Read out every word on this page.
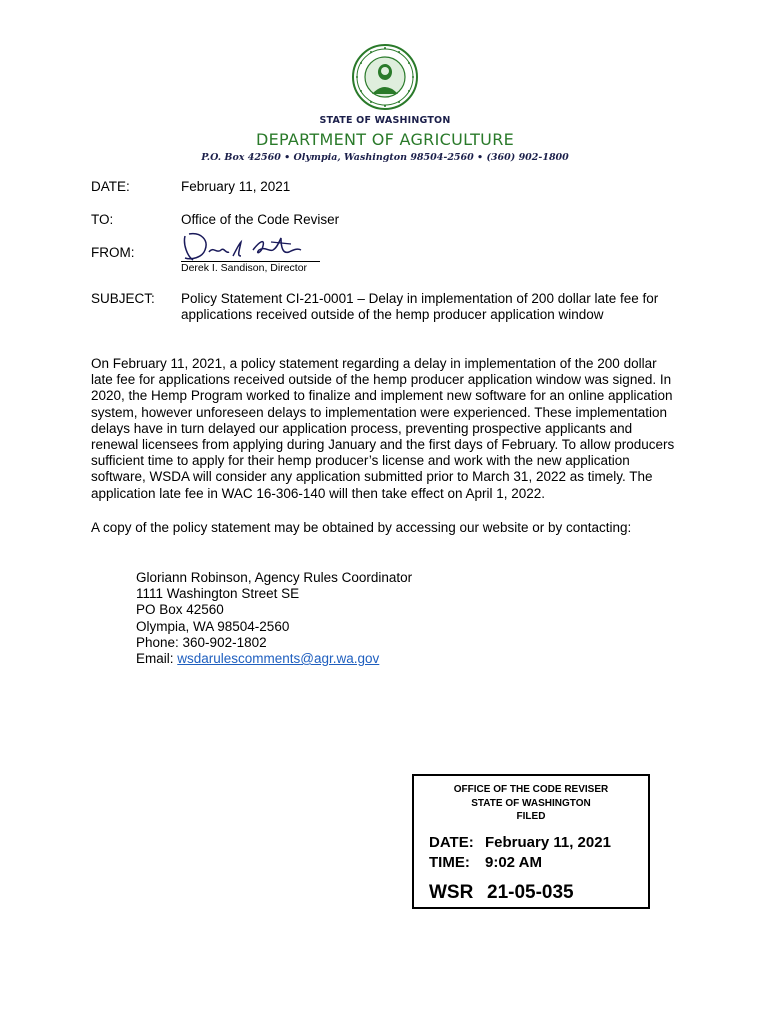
STATE OF WASHINGTON
DEPARTMENT OF AGRICULTURE
P.O. Box 42560 • Olympia, Washington 98504-2560 • (360) 902-1800
DATE:	February 11, 2021
TO:	Office of the Code Reviser
FROM:
Derek I. Sandison, Director
SUBJECT: Policy Statement CI-21-0001 – Delay in implementation of 200 dollar late fee for applications received outside of the hemp producer application window

On February 11, 2021, a policy statement regarding a delay in implementation of the 200 dollar late fee for applications received outside of the hemp producer application window was signed. In 2020, the Hemp Program worked to finalize and implement new software for an online application system, however unforeseen delays to implementation were experienced. These implementation delays have in turn delayed our application process, preventing prospective applicants and renewal licensees from applying during January and the first days of February. To allow producers sufficient time to apply for their hemp producer’s license and work with the new application software, WSDA will consider any application submitted prior to March 31, 2022 as timely. The application late fee in WAC 16-306-140 will then take effect on April 1, 2022.

A copy of the policy statement may be obtained by accessing our website or by contacting:

Gloriann Robinson, Agency Rules Coordinator
1111 Washington Street SE
PO Box 42560
Olympia, WA 98504-2560
Phone: 360-902-1802
Email: wsdarulescomments@agr.wa.gov
OFFICE OF THE CODE REVISER
STATE OF WASHINGTON
FILED
DATE: February 11, 2021
TIME: 9:02 AM
WSR 21-05-035
